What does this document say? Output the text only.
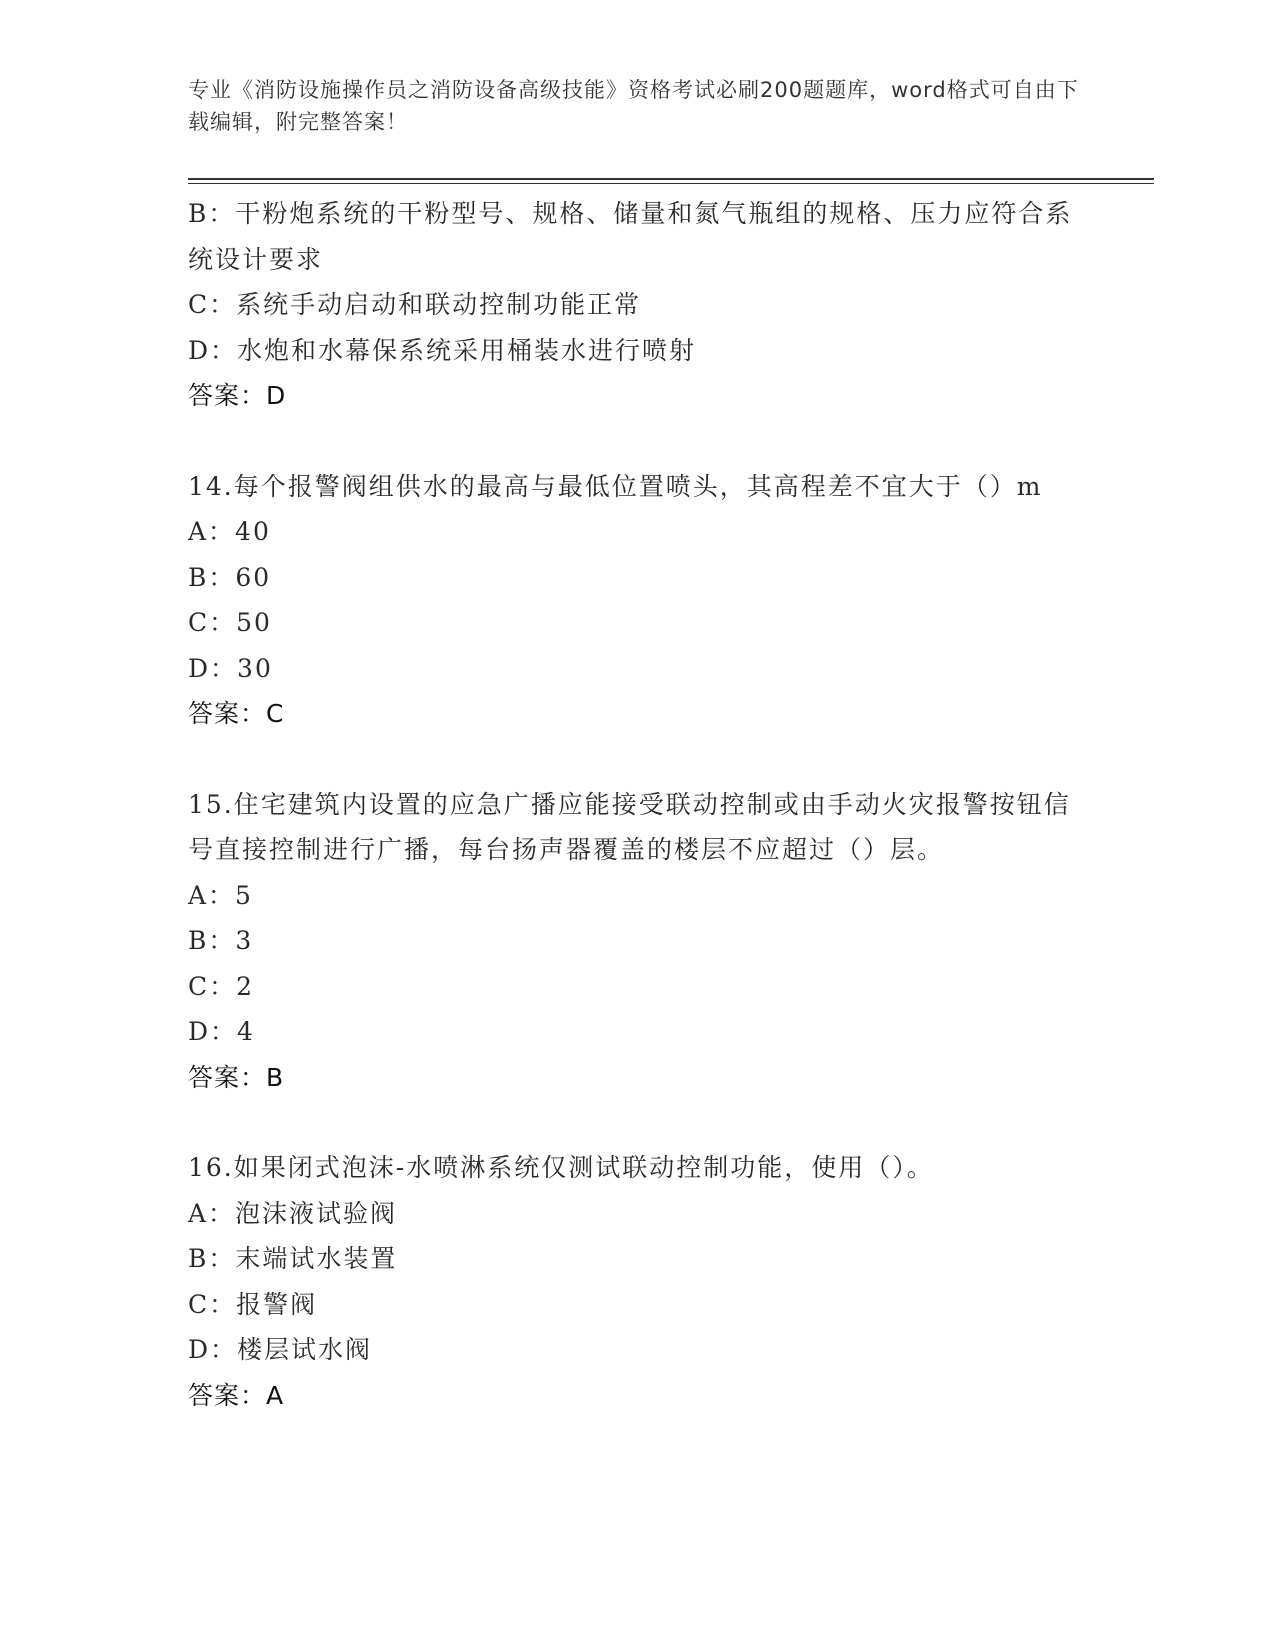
专业《消防设施操作员之消防设备高级技能》资格考试必刷200题题库，word格式可自由下载编辑，附完整答案！

B：干粉炮系统的干粉型号、规格、储量和氮气瓶组的规格、压力应符合系统设计要求

C：系统手动启动和联动控制功能正常

D：水炮和水幕保系统采用桶装水进行喷射

答案：D

14.每个报警阀组供水的最高与最低位置喷头，其高程差不宜大于（）m

A：40

B：60

C：50

D：30

答案：C

15.住宅建筑内设置的应急广播应能接受联动控制或由手动火灾报警按钮信号直接控制进行广播，每台扬声器覆盖的楼层不应超过（）层。

A：5

B：3

C：2

D：4

答案：B

16.如果闭式泡沫-水喷淋系统仅测试联动控制功能，使用（）。

A：泡沫液试验阀

B：末端试水装置

C：报警阀

D：楼层试水阀

答案：A
